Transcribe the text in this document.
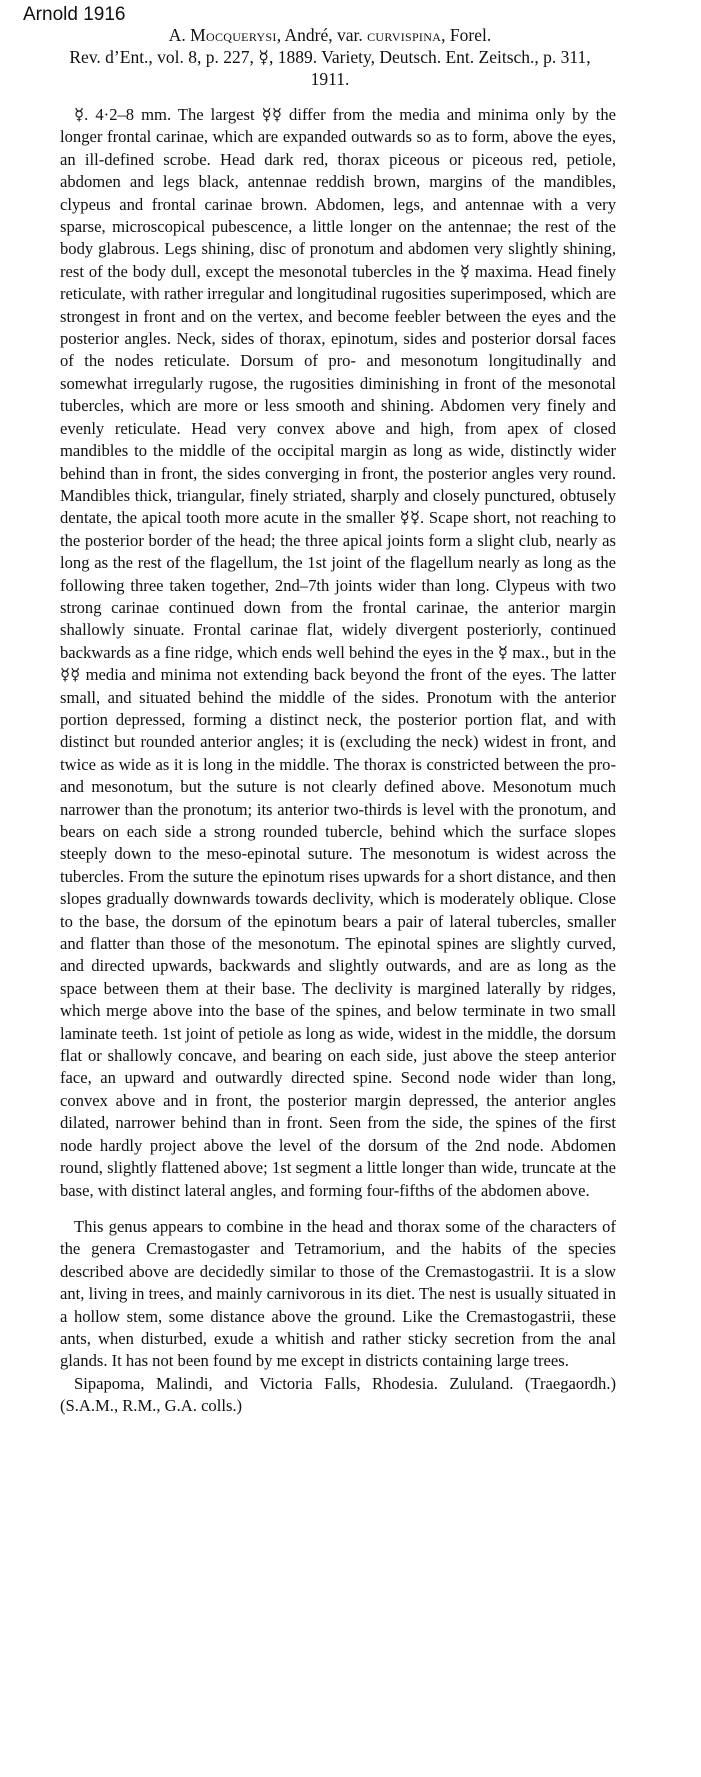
Arnold 1916

A. Mocquerysi, André, var. curvispina, Forel.

Rev. d’Ent., vol. 8, p. 227, ☿, 1889. Variety, Deutsch. Ent. Zeitsch., p. 311, 1911.

☿. 4·2–8 mm. The largest ☿☿ differ from the media and minima only by the longer frontal carinae, which are expanded outwards so as to form, above the eyes, an ill-defined scrobe. Head dark red, thorax piceous or piceous red, petiole, abdomen and legs black, antennae reddish brown, margins of the mandibles, clypeus and frontal carinae brown. Abdomen, legs, and antennae with a very sparse, microscopical pubescence, a little longer on the antennae; the rest of the body glabrous. Legs shining, disc of pronotum and abdomen very slightly shining, rest of the body dull, except the mesonotal tubercles in the ☿ maxima. Head finely reticulate, with rather irregular and longitudinal rugosities superimposed, which are strongest in front and on the vertex, and become feebler between the eyes and the posterior angles. Neck, sides of thorax, epinotum, sides and posterior dorsal faces of the nodes reticulate. Dorsum of pro- and mesonotum longitudinally and somewhat irregularly rugose, the rugosities diminishing in front of the mesonotal tubercles, which are more or less smooth and shining. Abdomen very finely and evenly reticulate. Head very convex above and high, from apex of closed mandibles to the middle of the occipital margin as long as wide, distinctly wider behind than in front, the sides converging in front, the posterior angles very round. Mandibles thick, triangular, finely striated, sharply and closely punctured, obtusely dentate, the apical tooth more acute in the smaller ☿☿. Scape short, not reaching to the posterior border of the head; the three apical joints form a slight club, nearly as long as the rest of the flagellum, the 1st joint of the flagellum nearly as long as the following three taken together, 2nd–7th joints wider than long. Clypeus with two strong carinae continued down from the frontal carinae, the anterior margin shallowly sinuate. Frontal carinae flat, widely divergent posteriorly, continued backwards as a fine ridge, which ends well behind the eyes in the ☿ max., but in the ☿☿ media and minima not extending back beyond the front of the eyes. The latter small, and situated behind the middle of the sides. Pronotum with the anterior portion depressed, forming a distinct neck, the posterior portion flat, and with distinct but rounded anterior angles; it is (excluding the neck) widest in front, and twice as wide as it is long in the middle. The thorax is constricted between the pro- and mesonotum, but the suture is not clearly defined above. Mesonotum much narrower than the pronotum; its anterior two-thirds is level with the pronotum, and bears on each side a strong rounded tubercle, behind which the surface slopes steeply down to the meso-epinotal suture. The mesonotum is widest across the tubercles. From the suture the epinotum rises upwards for a short distance, and then slopes gradually downwards towards declivity, which is moderately oblique. Close to the base, the dorsum of the epinotum bears a pair of lateral tubercles, smaller and flatter than those of the mesonotum. The epinotal spines are slightly curved, and directed upwards, backwards and slightly outwards, and are as long as the space between them at their base. The declivity is margined laterally by ridges, which merge above into the base of the spines, and below terminate in two small laminate teeth. 1st joint of petiole as long as wide, widest in the middle, the dorsum flat or shallowly concave, and bearing on each side, just above the steep anterior face, an upward and outwardly directed spine. Second node wider than long, convex above and in front, the posterior margin depressed, the anterior angles dilated, narrower behind than in front. Seen from the side, the spines of the first node hardly project above the level of the dorsum of the 2nd node. Abdomen round, slightly flattened above; 1st segment a little longer than wide, truncate at the base, with distinct lateral angles, and forming four-fifths of the abdomen above.

This genus appears to combine in the head and thorax some of the characters of the genera Cremastogaster and Tetramorium, and the habits of the species described above are decidedly similar to those of the Cremastogastrii. It is a slow ant, living in trees, and mainly carnivorous in its diet. The nest is usually situated in a hollow stem, some distance above the ground. Like the Cremastogastrii, these ants, when disturbed, exude a whitish and rather sticky secretion from the anal glands. It has not been found by me except in districts containing large trees.

Sipapoma, Malindi, and Victoria Falls, Rhodesia. Zululand. (Traegaordh.) (S.A.M., R.M., G.A. colls.)
